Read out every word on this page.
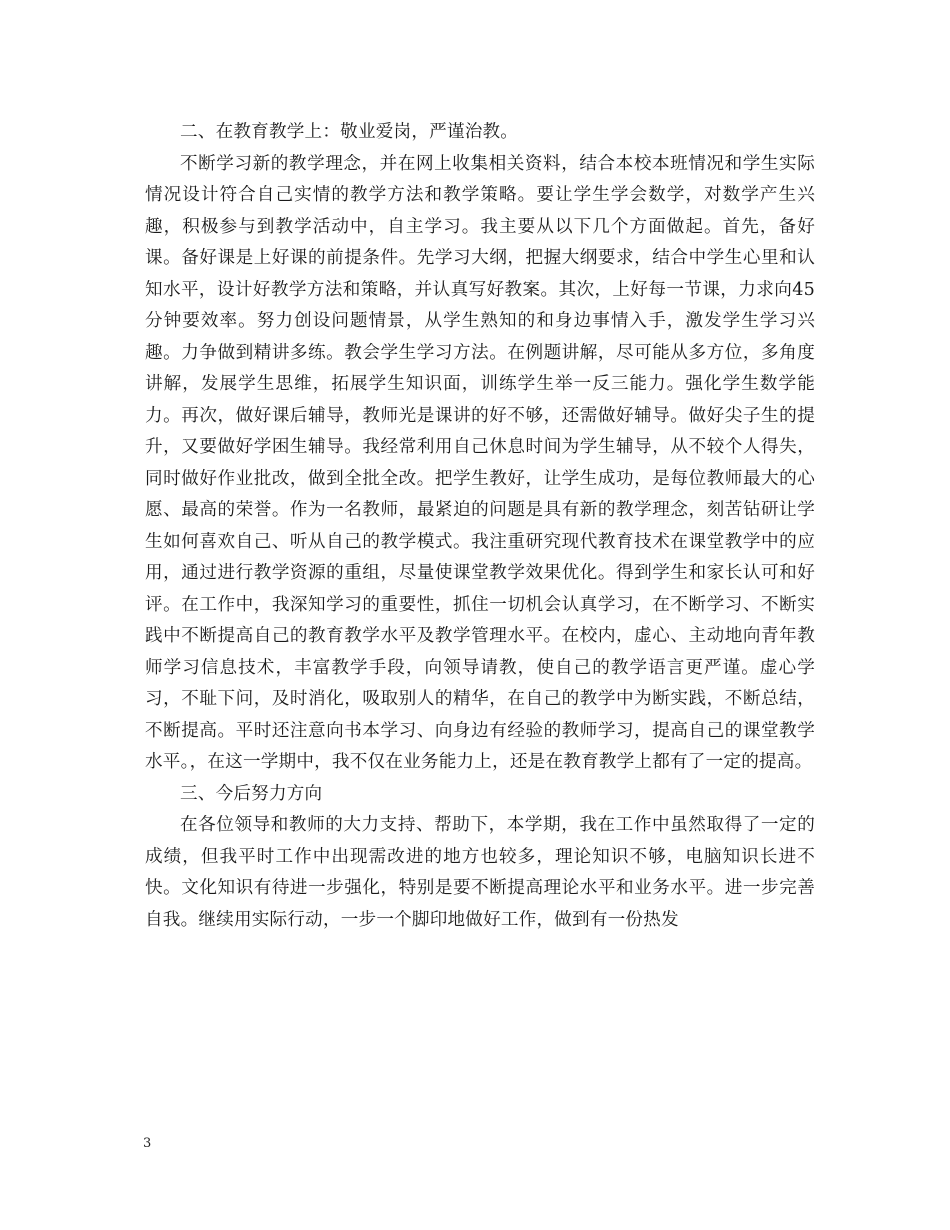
二、在教育教学上：敬业爱岗，严谨治教。

不断学习新的教学理念，并在网上收集相关资料，结合本校本班情况和学生实际情况设计符合自己实情的教学方法和教学策略。要让学生学会数学，对数学产生兴趣，积极参与到教学活动中，自主学习。我主要从以下几个方面做起。首先，备好课。备好课是上好课的前提条件。先学习大纲，把握大纲要求，结合中学生心里和认知水平，设计好教学方法和策略，并认真写好教案。其次，上好每一节课，力求向45分钟要效率。努力创设问题情景，从学生熟知的和身边事情入手，激发学生学习兴趣。力争做到精讲多练。教会学生学习方法。在例题讲解，尽可能从多方位，多角度讲解，发展学生思维，拓展学生知识面，训练学生举一反三能力。强化学生数学能力。再次，做好课后辅导，教师光是课讲的好不够，还需做好辅导。做好尖子生的提升，又要做好学困生辅导。我经常利用自己休息时间为学生辅导，从不较个人得失，同时做好作业批改，做到全批全改。把学生教好，让学生成功，是每位教师最大的心愿、最高的荣誉。作为一名教师，最紧迫的问题是具有新的教学理念，刻苦钻研让学生如何喜欢自己、听从自己的教学模式。我注重研究现代教育技术在课堂教学中的应用，通过进行教学资源的重组，尽量使课堂教学效果优化。得到学生和家长认可和好评。在工作中，我深知学习的重要性，抓住一切机会认真学习，在不断学习、不断实践中不断提高自己的教育教学水平及教学管理水平。在校内，虚心、主动地向青年教师学习信息技术，丰富教学手段，向领导请教，使自己的教学语言更严谨。虚心学习，不耻下问，及时消化，吸取别人的精华，在自己的教学中为断实践，不断总结，不断提高。平时还注意向书本学习、向身边有经验的教师学习，提高自己的课堂教学水平。，在这一学期中，我不仅在业务能力上，还是在教育教学上都有了一定的提高。

三、今后努力方向

在各位领导和教师的大力支持、帮助下，本学期，我在工作中虽然取得了一定的成绩，但我平时工作中出现需改进的地方也较多，理论知识不够，电脑知识长进不快。文化知识有待进一步强化，特别是要不断提高理论水平和业务水平。进一步完善自我。继续用实际行动，一步一个脚印地做好工作，做到有一份热发

3
